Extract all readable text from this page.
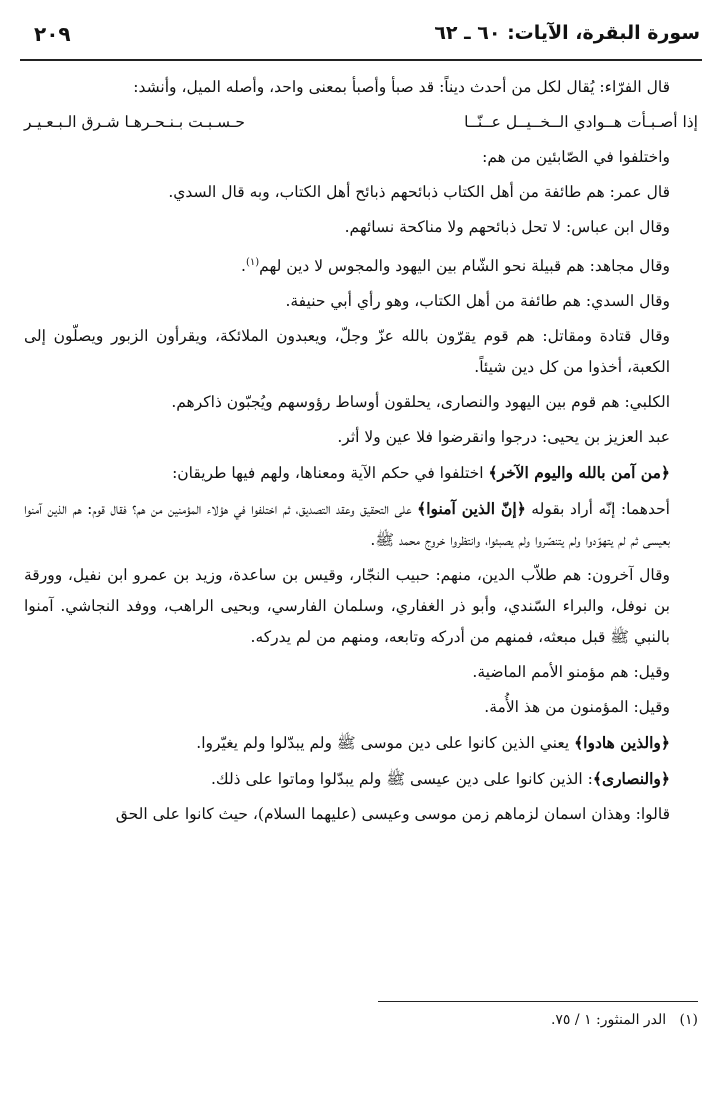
سورة البقرة، الآيات: ٦٠ ـ ٦٢
٢٠٩

قال الفرّاء: يُقال لكل من أحدث ديناً: قد صبأ وأصبأ بمعنى واحد، وأصله الميل، وأنشد:

إذا أصـبـأت هــوادي الــخــيــل عــنّــا
حـسـبـت بـنـحـرهـا شـرق الـبـعـيـر

واختلفوا في الصّابئين من هم:

قال عمر: هم طائفة من أهل الكتاب ذبائحهم ذبائح أهل الكتاب، وبه قال السدي.

وقال ابن عباس: لا تحل ذبائحهم ولا مناكحة نسائهم.

وقال مجاهد: هم قبيلة نحو الشّام بين اليهود والمجوس لا دين لهم$^{(١)}$.

وقال السدي: هم طائفة من أهل الكتاب، وهو رأي أبي حنيفة.

وقال قتادة ومقاتل: هم قوم يقرّون بالله عزّ وجلّ، ويعبدون الملائكة، ويقرأون الزبور ويصلّون إلى الكعبة، أخذوا من كل دين شيئاً.

الكلبي: هم قوم بين اليهود والنصارى، يحلقون أوساط رؤوسهم ويُجبّون ذاكرهم.

عبد العزيز بن يحيى: درجوا وانقرضوا فلا عين ولا أثر.

﴿من آمن بالله واليوم الآخر﴾ اختلفوا في حكم الآية ومعناها، ولهم فيها طريقان:

أحدهما: إنّه أراد بقوله ﴿إنّ الذين آمنوا﴾ على التحقيق وعقد التصديق، ثم اختلفوا في هؤلاء المؤمنين من هم؟ فقال قوم: هم الذين آمنوا بعيسى ثم لم يتهوّدوا ولم يتنصّروا ولم يصبئوا، وانتظروا خروج محمد ﷺ.

وقال آخرون: هم طلاّب الدين، منهم: حبيب النجّار، وقيس بن ساعدة، وزيد بن عمرو ابن نفيل، وورقة بن نوفل، والبراء السّندي، وأبو ذر الغفاري، وسلمان الفارسي، وبحيى الراهب، ووفد النجاشي. آمنوا بالنبي ﷺ قبل مبعثه، فمنهم من أدركه وتابعه، ومنهم من لم يدركه.

وقيل: هم مؤمنو الأمم الماضية.

وقيل: المؤمنون من هذ الأُمة.

﴿والذين هادوا﴾ يعني الذين كانوا على دين موسى ﷺ ولم يبدّلوا ولم يغيّروا.

﴿والنصارى﴾: الذين كانوا على دين عيسى ﷺ ولم يبدّلوا وماتوا على ذلك.

قالوا: وهذان اسمان لزماهم زمن موسى وعيسى (عليهما السلام)، حيث كانوا على الحق

(١)   الدر المنثور: ١ / ٧٥.
